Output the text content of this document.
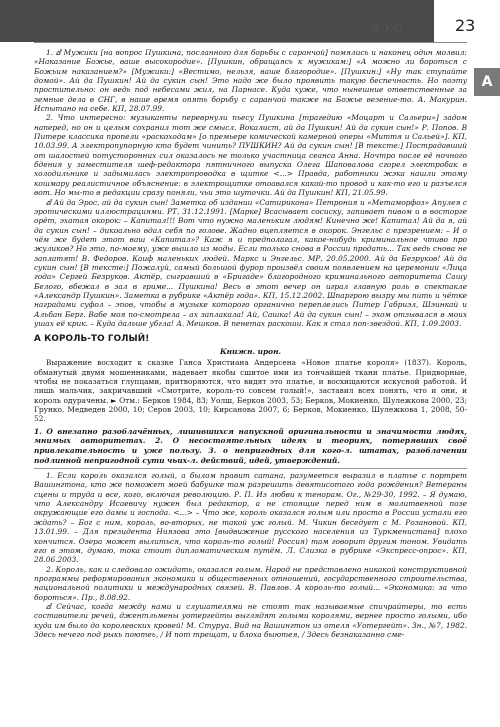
А КО	23
А

1. ⅆ Мужики [на вопрос Пушкина, посланного для борьбы с саранчой] помялись и наконец один молвил: «Наказание Божье, ваше высокородие». [Пушкин, обращаясь к мужикам:] «А можно ли бороться с Божьим наказанием?» [Мужики:] «Вестимо, нельзя, ваше благородие». [Пушкин:] «Ну так ступайте домой». Ай да Пушкин! Ай да сукин сын! Это надо же было проявить такую беспечность. Но поэту простительно: он ведь под небесами жил, на Парнасе. Куда хуже, что нынешние ответственные за земные дела в СНГ, в наше время опять борьбу с саранчой также на Божье везение-то. А. Макурин. Испытано на себе. КП, 28.07.99.

2. Что интересно: музыканты переврнули пьесу Пушкина [трагедию «Моцарт и Сальери»] задом наперед, но он и целым сохранил тот же смысл. Вокалист, ай да Пушкин! Ай да сукин сын!» Р. Попов. В Питере классика пропели «раскоходам» [о премьере комической камерной оперы «Миття и Сальей»]. КП, 10.03.99. А электропупорную кто будет чинить? ПУШКИН? Ай да сукин сын! [В тексте:] Пострадавший от шалостей потусторонних сил оказалось не только участница сеанса Анна. Ночтро после её ночного бдения у заместителя шеф-редактора пятничного выпуска Олега Шаповалова сгорел электробак в холодильнике и задымилась электропроводка в щитке <...> Правда, работники жэка нашли этому кошмару реалистичное объяснение: в электрощитке отоавался какой-то провод и как-то его и разъелся вот. Но мы-то в редакции сразу поняли, чьи это шуточки. Ай да Пушкин! КП, 21.05.99.

ⅆ Ай да Эрос, ай да сукин сын! Заметка об издании «Сатирикона» Петрония и «Метаморфоз» Апулея с эротическими иллюстрациями. РТ, 31.12.1991. [Марке] Всасывает сосиску, запивает пивом и в восторге орёт, эхатая окорок: – Капитал!!! Вот что нужно маленьким людям! Кинечно же! Капитал! Ай да я, ай да сукин сын! – дикоально вдал себя по голове. Жадно вцепляется в окорок. Энгельс с презрением: – И о чём же будет этот ваш «Капитал»? Каж я и предполагал, какое-нибудь криминальное чтиво про жуликов? Но это, по-моему, уже вышло из моды. Если только снова в России продать... Так ведь снова не заплатят! В. Федоров. Каиф маленьких людей. Маркс и Энгельс. МР, 20.05.2000. Ай да Безруков! Ай да сукин сын! [В тексте:] Пожалуй, самый большой фурор произвёл своим появлением на церемонии «Лица года» Сергей Безруков. Актёр, сыгравший в «Бригаде» благородного криминального авторитета Сашу Белого, вбежал в зал в гриме... Пушкина! Весь в этот вечер он играл главную роль в спектакле «Александр Пушкин». Заметка в рубрике «Актёр года». КП, 15.12.2002. Шпаргрою вызру мы пить и чётке наградами суфол – эпов, чтобы в музыке которого органично переплелись Питер Габриэл, Шэинкай и Альбан Берг. Вабе моя по-смотрела – ах заплакала! Ай, Сашка! Ай да сукин сын! – эхом отзывался в моих ушах её крик. – Куда дальше убгла! А. Мешков. В пенетах раскоши. Как я стал поп-звездой. КП, 1.09.2003.

А КОРОЛЬ-ТО ГОЛЫЙ!
Книжн. ирон.

Выражение восходит к сказке Ганса Христиана Андерсена «Новое платье короля» (1837). Король, обманутый двумя мошенниками, надевает якобы сшитое ими из тончайшей ткани платье. Придворные, чтобы не показаться глупцами, притворяются, что видят это платье, и восхищаются искусной работой. И лишь мальчик, закричавший «Смотрите, король-то совсем голый!», заставил всех понять, что и они, и король одурачены. ► Отм.: Берков 1984, 83; Уолш, Берков 2003, 53; Берков, Мокиенко, Шулежкова 2000, 23; Грунко, Медведев 2000, 10; Серов 2003, 10; Кирсанова 2007, 6; Берков, Мокиенко, Шулежкова 1, 2008, 50-52.

1. О внезапно разоблачённых, лишившихся напускной оригинальности и значимости людях, мнимых авторитетах. 2. О несостоятельных идеях и теориях, потерявших своё привлекательность и уже пользу. 3. о непригодных для кого-л. штатах, разоблачении подлинной непригодной сути чьих-л. действий, идей, утверждений.

1. Если король оказался голый, а былом правит сатана, разумеется выразил в платье с портрет Вашингтона, кто же поможет моей бабушке там разрешить девятисотого года рождения? Ветераны сцены и труда и все, кого, включая революцию. Р. П. Из любви к тенорам. Ог., №29-30, 1992. – Я думаю, что Александру Исаевичу нужен был редактор, а не стоящие перед ним в молитвенной позе окружающие его дамы и господа. <...> – Что же, король оказался голым или просто в России устали его ждать? – Бог с ним, король, во-вторых, не такой уж голый. М. Чикин беседует с М. Розановой. КП, 13.01.99. – Для президента Ниязова это [выдвижение русского населения из Туркменистана] плохо кончится. Озера может вылиться, что король-то голый! Россия) там говорит другим тоном. Увидать его в этом, думаю, тока стоит дипломатическим путём. Л. Слизка в рубрике «Экспресс-опрос». КП, 28.06.2003.

2. Король, как и следовало ожидать, оказался голым. Народ не представлено никакой конструктивной программы реформирования экономики и общественных отношений, государственного строительства, национальной политики и международных связей. В. Павлов. А король-то голый... «Экономика: за что бороться». Пр., 8.08.92.

ⅆ Сейчас, когда между нами и слушателями не стоят так называемые спичрайтеры, то есть составители речей, джентльмены уотергейты выглядят голыми королями, вернее просто голыми, ибо куда им было до королевских кровей! М. Стуруа. Вид на Вашингтон из отеля «Уотергейт». Зн., №7, 1982. Здесь нечего под рыкь поютеь, / И пот трещат, и блоха быютея, / Здесь безнаказанно сме-
